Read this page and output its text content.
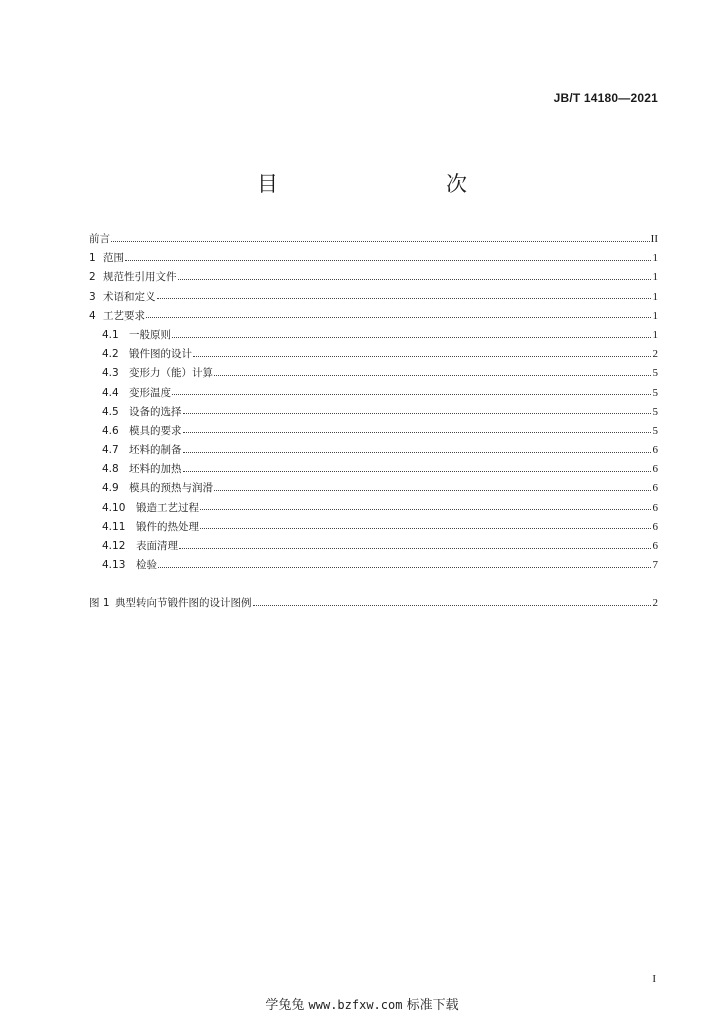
JB/T 14180—2021
目　　次
前言	II
1 范围	1
2 规范性引用文件	1
3 术语和定义	1
4 工艺要求	1
4.1 一般原则	1
4.2 锻件图的设计	2
4.3 变形力（能）计算	5
4.4 变形温度	5
4.5 设备的选择	5
4.6 模具的要求	5
4.7 坯料的制备	6
4.8 坯料的加热	6
4.9 模具的预热与润滑	6
4.10	锻造工艺过程	6
4.11	锻件的热处理	6
4.12	表面清理	6
4.13	检验	7
图 1 典型转向节锻件图的设计图例	2
I
学兔兔 www.bzfxw.com 标准下载
